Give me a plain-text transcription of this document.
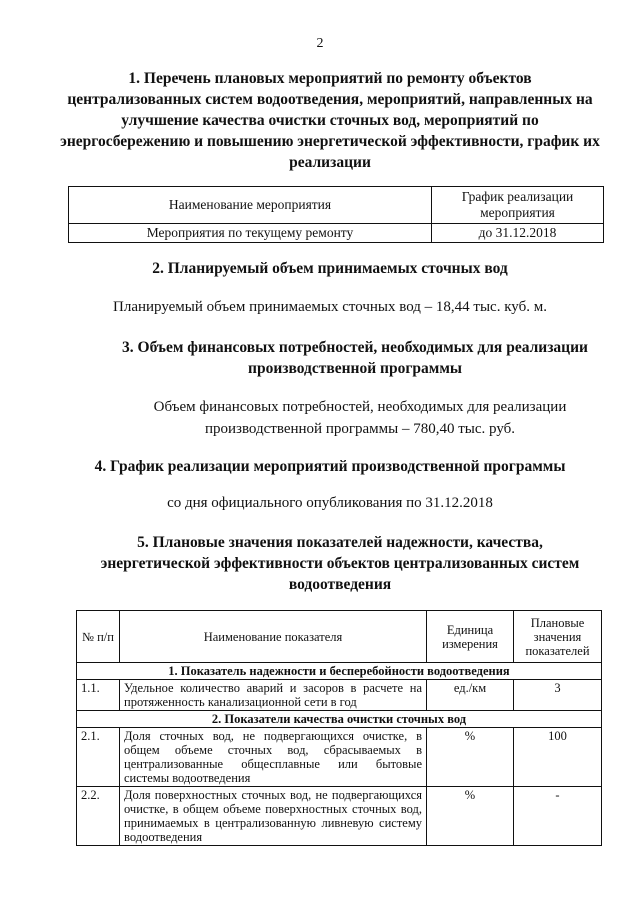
2
1. Перечень плановых мероприятий по ремонту объектов централизованных систем водоотведения, мероприятий, направленных на улучшение качества очистки сточных вод, мероприятий по энергосбережению и повышению энергетической эффективности, график их реализации
Наименование мероприятия	График реализации мероприятия
Мероприятия по текущему ремонту	до 31.12.2018
2. Планируемый объем принимаемых сточных вод
Планируемый объем принимаемых сточных вод – 18,44 тыс. куб. м.
3. Объем финансовых потребностей, необходимых для реализации производственной программы
Объем финансовых потребностей, необходимых для реализации производственной программы – 780,40 тыс. руб.
4. График реализации мероприятий производственной программы
со дня официального опубликования по 31.12.2018
5. Плановые значения показателей надежности, качества, энергетической эффективности объектов централизованных систем водоотведения
№ п/п	Наименование показателя	Единица измерения	Плановые значения показателей
1. Показатель надежности и бесперебойности водоотведения			
1.1.	Удельное количество аварий и засоров в расчете на протяженность канализационной сети в год	ед./км	3
2. Показатели качества очистки сточных вод			
2.1.	Доля сточных вод, не подвергающихся очистке, в общем объеме сточных вод, сбрасываемых в централизованные общесплавные или бытовые системы водоотведения	%	100
2.2.	Доля поверхностных сточных вод, не подвергающихся очистке, в общем объеме поверхностных сточных вод, принимаемых в централизованную ливневую систему водоотведения	%	-
